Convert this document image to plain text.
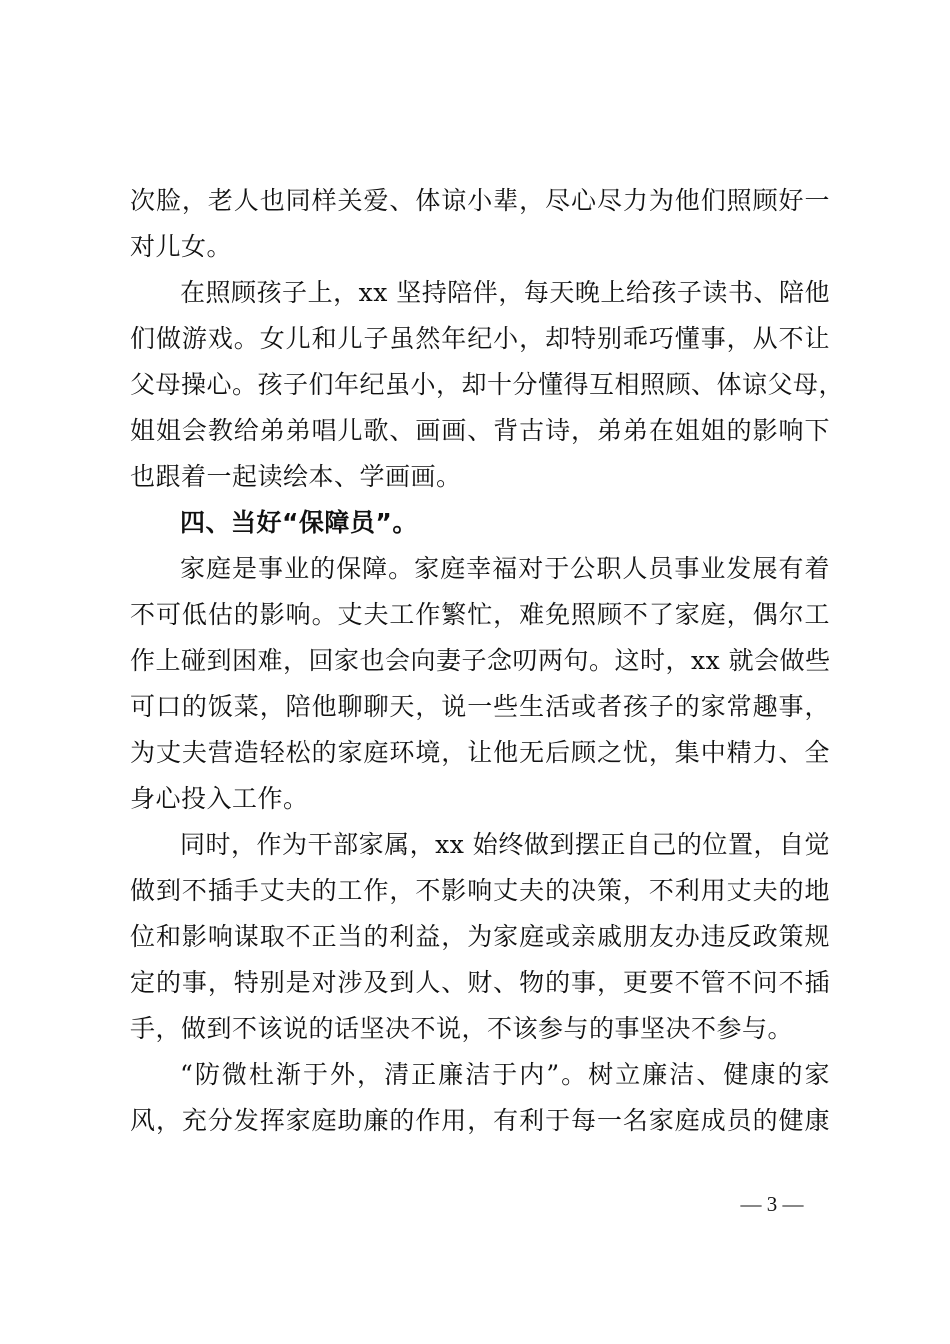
次脸，老人也同样关爱、体谅小辈，尽心尽力为他们照顾好一
对儿女。
在照顾孩子上，xx 坚持陪伴，每天晚上给孩子读书、陪他
们做游戏。女儿和儿子虽然年纪小，却特别乖巧懂事，从不让
父母操心。孩子们年纪虽小，却十分懂得互相照顾、体谅父母，
姐姐会教给弟弟唱儿歌、画画、背古诗，弟弟在姐姐的影响下
也跟着一起读绘本、学画画。
四、当好“保障员”。
家庭是事业的保障。家庭幸福对于公职人员事业发展有着
不可低估的影响。丈夫工作繁忙，难免照顾不了家庭，偶尔工
作上碰到困难，回家也会向妻子念叨两句。这时，xx 就会做些
可口的饭菜，陪他聊聊天，说一些生活或者孩子的家常趣事，
为丈夫营造轻松的家庭环境，让他无后顾之忧，集中精力、全
身心投入工作。
同时，作为干部家属，xx 始终做到摆正自己的位置，自觉
做到不插手丈夫的工作，不影响丈夫的决策，不利用丈夫的地
位和影响谋取不正当的利益，为家庭或亲戚朋友办违反政策规
定的事，特别是对涉及到人、财、物的事，更要不管不问不插
手，做到不该说的话坚决不说，不该参与的事坚决不参与。
“防微杜渐于外，清正廉洁于内”。树立廉洁、健康的家
风，充分发挥家庭助廉的作用，有利于每一名家庭成员的健康
— 3 —
